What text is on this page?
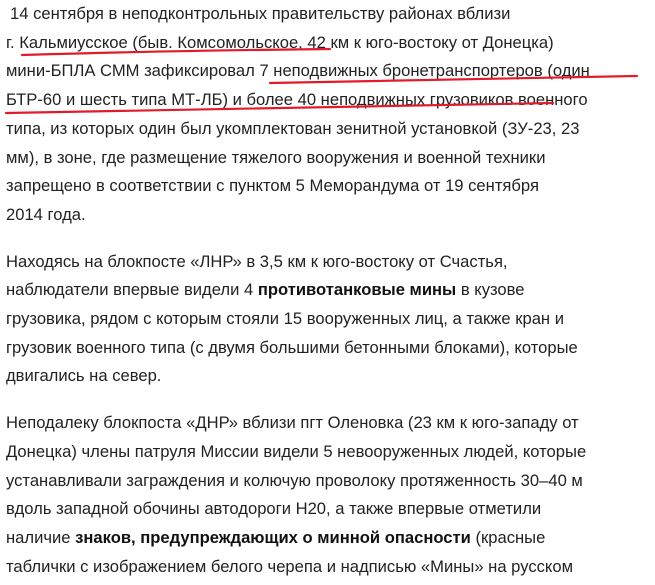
14 сентября в неподконтрольных правительству районах вблизи
г. Кальмиусское (быв. Комсомольское, 42 км к юго-востоку от Донецка)
мини-БПЛА СММ зафиксировал 7 неподвижных бронетранспортеров (один
БТР-60 и шесть типа МТ-ЛБ) и более 40 неподвижных грузовиков военного
типа, из которых один был укомплектован зенитной установкой (ЗУ-23, 23
мм), в зоне, где размещение тяжелого вооружения и военной техники
запрещено в соответствии с пунктом 5 Меморандума от 19 сентября
2014 года.

Находясь на блокпосте «ЛНР» в 3,5 км к юго-востоку от Счастья,
наблюдатели впервые видели 4 противотанковые мины в кузове
грузовика, рядом с которым стояли 15 вооруженных лиц, а также кран и
грузовик военного типа (с двумя большими бетонными блоками), которые
двигались на север.

Неподалеку блокпоста «ДНР» вблизи пгт Оленовка (23 км к юго-западу от
Донецка) члены патруля Миссии видели 5 невооруженных людей, которые
устанавливали заграждения и колючую проволоку протяженность 30–40 м
вдоль западной обочины автодороги Н20, а также впервые отметили
наличие знаков, предупреждающих о минной опасности (красные
таблички с изображением белого черепа и надписью «Мины» на русском
